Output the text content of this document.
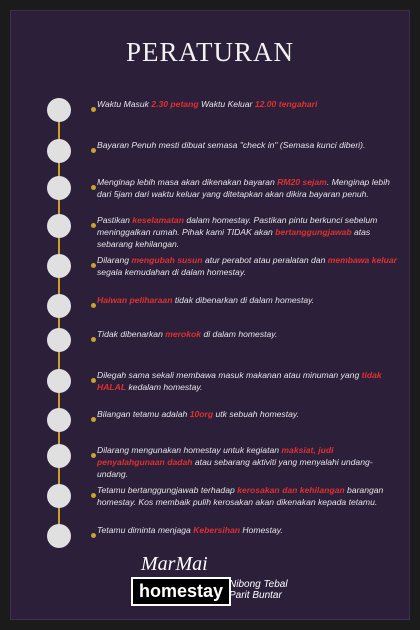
PERATURAN
Waktu Masuk 2.30 petang Waktu Keluar 12.00 tengahari
Bayaran Penuh mesti dibuat semasa "check in" (Semasa kunci diberi).
Menginap lebih masa akan dikenakan bayaran RM20 sejam. Menginap lebih dari 5jam dari waktu keluar yang ditetapkan akan dikira bayaran penuh.
Pastikan keselamatan dalam homestay. Pastikan pintu berkunci sebelum meninggalkan rumah. Pihak kami TIDAK akan bertanggungjawab atas sebarang kehilangan.
Dilarang mengubah susun atur perabot atau peralatan dan membawa keluar segala kemudahan di dalam homestay.
Haiwan peliharaan tidak dibenarkan di dalam homestay.
Tidak dibenarkan merokok di dalam homestay.
Dilegah sama sekali membawa masuk makanan atau minuman yang tidak HALAL kedalam homestay.
Bilangan tetamu adalah 10org utk sebuah homestay.
Dilarang mengunakan homestay untuk kegiatan maksiat, judi penyalahgunaan dadah atau sebarang aktiviti yang menyalahi undang-undang.
Tetamu bertanggungjawab terhadap kerosakan dan kehilangan barangan homestay. Kos membaik pulih kerosakan akan dikenakan kepada tetamu.
Tetamu diminta menjaga Kebersihan Homestay.
MarMai
homestay Nibong Tebal
Parit Buntar
